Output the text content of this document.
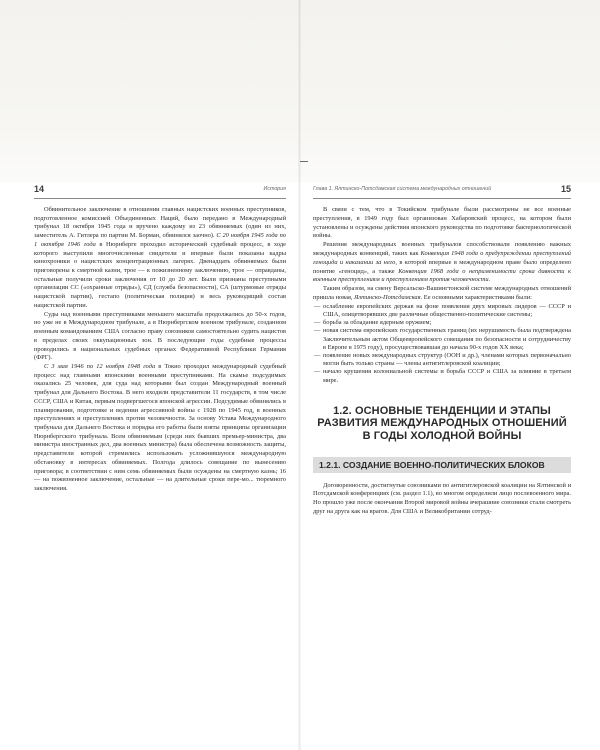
14	История

Обвинительное заключение в отношении главных нацистских военных преступников, подготовленное комиссией Объединенных Наций, было передано в Международный трибунал 18 октября 1945 года и вручено каждому из 23 обвиняемых (один из них, заместитель А. Гитлера по партии М. Борман, обвинялся заочно). С 20 ноября 1945 года по 1 октября 1946 года в Нюрнберге проходил исторический судебный процесс, в ходе которого выступили многочисленные свидетели и впервые были показаны кадры кинохроники о нацистских концентрационных лагерях. Двенадцать обвиняемых были приговорены к смертной казни, трое — к пожизненному заключению, трое — оправданы, остальные получили сроки заключения от 10 до 20 лет. Были признаны преступными организации СС («охранные отряды»), СД (служба безопасности), СА (штурмовые отряды нацистской партии), гестапо (политическая полиция) и весь руководящий состав нацистской партии.

Суды над военными преступниками меньшего масштаба продолжались до 50-х годов, но уже не в Международном трибунале, а в Нюрнбергском военном трибунале, созданном военным командованием США согласно праву союзников самостоятельно судить нацистов в пределах своих оккупационных зон. В последующие годы судебные процессы проводились в национальных судебных органах Федеративной Республики Германия (ФРГ).

С 3 мая 1946 по 12 ноября 1948 года в Токио проходил международный судебный процесс над главными японскими военными преступниками. На скамье подсудимых оказались 25 человек, для суда над которыми был создан Международный военный трибунал для Дальнего Востока. В него входили представители 11 государств, в том числе СССР, США и Китая, первым подвергшегося японской агрессии. Подсудимые обвинялись в планировании, подготовке и ведении агрессивной войны с 1928 по 1945 год, в военных преступлениях и преступлениях против человечности. За основу Устава Международного трибунала для Дальнего Востока и порядка его работы были взяты принципы организации Нюрнбергского трибунала. Всем обвиняемым (среди них бывших премьер-министра, два министра иностранных дел, два военных министра) была обеспечена возможность защиты, представители которой стремились использовать усложнившуюся международную обстановку в интересах обвиняемых. Полгода длилось совещание по вынесению приговора; в соответствии с ним семь обвиняемых были осуждены на смертную казнь; 16 — на пожизненное заключение, остальные — на длительные сроки пере-мо... тюремного заключения.

Глава 1. Ялтинско-Потсдамская система международных отношений	15

В связи с тем, что в Токийском трибунале были рассмотрены не все военные преступления, в 1949 году был организован Хабаровский процесс, на котором были установлены и осуждены действия японского руководства по подготовке бактериологической войны.

Решения международных военных трибуналов способствовали появлению важных международных конвенций, таких как Конвенция 1948 года о предупреждении преступлений геноцида и наказании за него, в которой впервые в международном праве было определено понятие «геноцид», а также Конвенция 1968 года о неприменимости срока давности к военным преступлениям и преступлениям против человечности.

Таким образом, на смену Версальско-Вашингтонской системе международных отношений пришла новая, Ялтинско-Потсдамская. Ее основными характеристиками были:

— ослабление европейских держав на фоне появления двух мировых лидеров — СССР и США, олицетворявших две различные общественно-политические системы;
— борьба за обладание ядерным оружием;
— новая система европейских государственных границ (их нерушимость была подтверждена Заключительным актом Общеевропейского совещания по безопасности и сотрудничеству в Европе в 1975 году), просуществовавшая до начала 90-х годов XX века;
— появление новых международных структур (ООН и др.), членами которых первоначально могли быть только страны — члены антигитлеровской коалиции;
— начало крушения колониальной системы и борьба СССР и США за влияние в третьем мире.
1.2. ОСНОВНЫЕ ТЕНДЕНЦИИ И ЭТАПЫ РАЗВИТИЯ МЕЖДУНАРОДНЫХ ОТНОШЕНИЙ В ГОДЫ ХОЛОДНОЙ ВОЙНЫ
1.2.1. СОЗДАНИЕ ВОЕННО-ПОЛИТИЧЕСКИХ БЛОКОВ

Договоренности, достигнутые союзниками по антигитлеровской коалиции на Ялтинской и Потсдамской конференциях (см. раздел 1.1), во многом определили лицо послевоенного мира. Но прошло уже после окончания Второй мировой войны вчерашние союзники стали смотреть друг на друга как на врагов. Для США и Великобритании сотруд-
